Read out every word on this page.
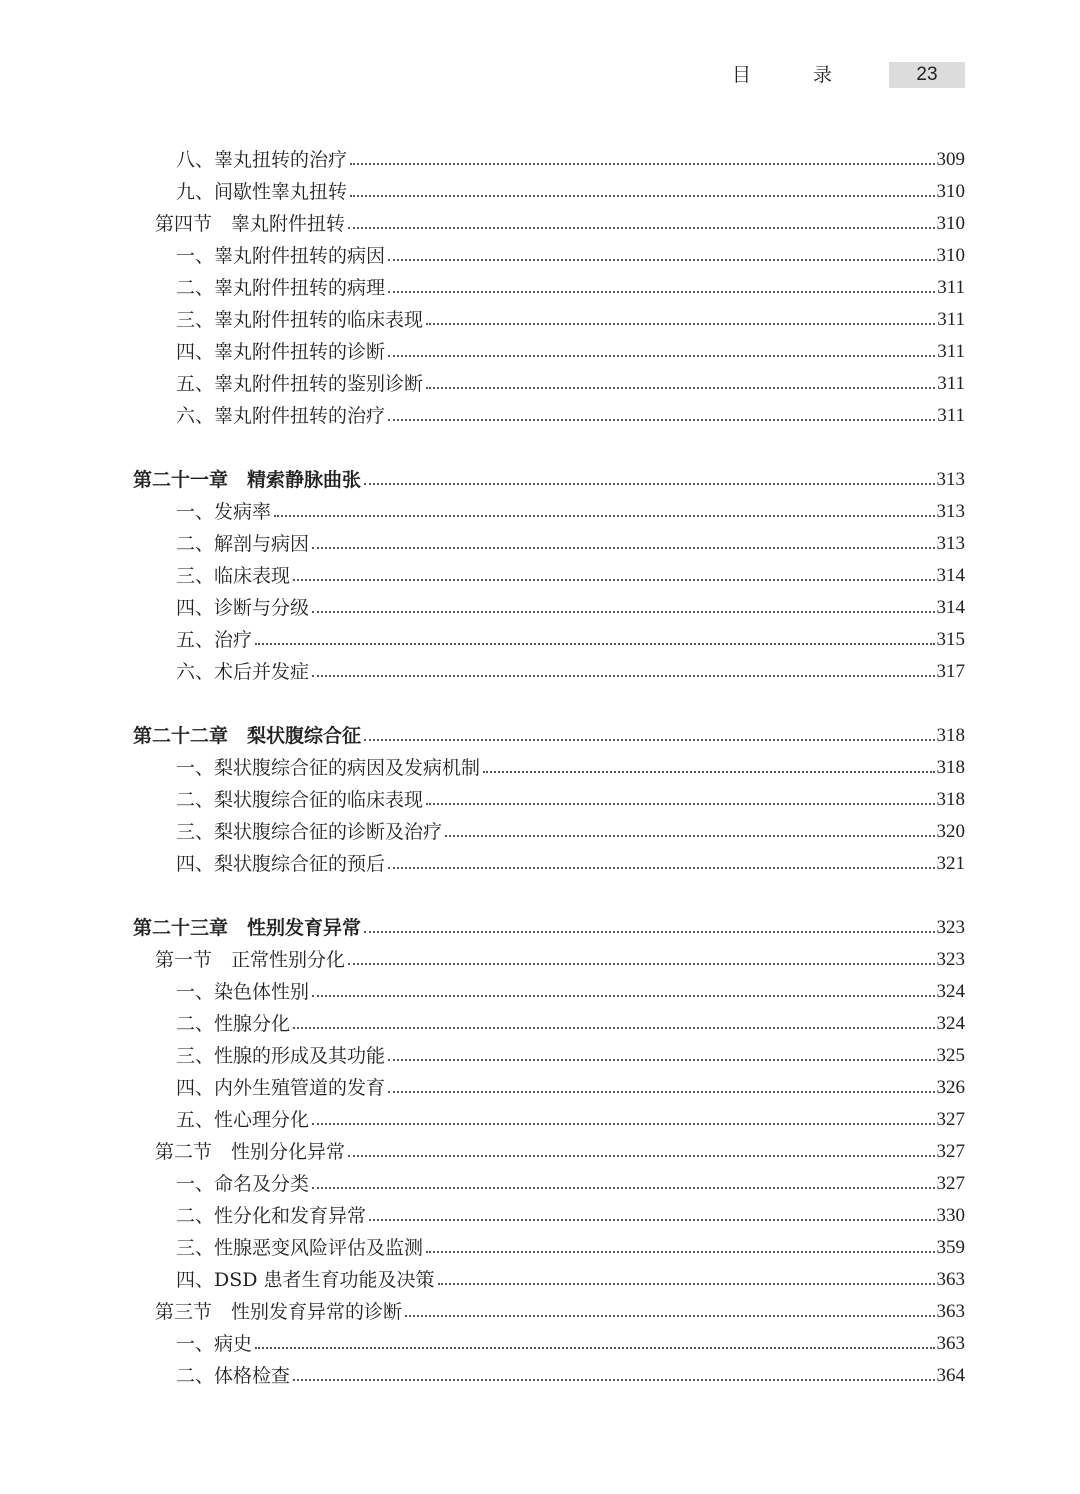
目 录	23
八、睾丸扭转的治疗	309
九、间歇性睾丸扭转	310
第四节　睾丸附件扭转	310
一、睾丸附件扭转的病因	310
二、睾丸附件扭转的病理	311
三、睾丸附件扭转的临床表现	311
四、睾丸附件扭转的诊断	311
五、睾丸附件扭转的鉴别诊断	311
六、睾丸附件扭转的治疗	311
第二十一章　精索静脉曲张	313
一、发病率	313
二、解剖与病因	313
三、临床表现	314
四、诊断与分级	314
五、治疗	315
六、术后并发症	317
第二十二章　梨状腹综合征	318
一、梨状腹综合征的病因及发病机制	318
二、梨状腹综合征的临床表现	318
三、梨状腹综合征的诊断及治疗	320
四、梨状腹综合征的预后	321
第二十三章　性别发育异常	323
第一节　正常性别分化	323
一、染色体性别	324
二、性腺分化	324
三、性腺的形成及其功能	325
四、内外生殖管道的发育	326
五、性心理分化	327
第二节　性别分化异常	327
一、命名及分类	327
二、性分化和发育异常	330
三、性腺恶变风险评估及监测	359
四、DSD 患者生育功能及决策	363
第三节　性别发育异常的诊断	363
一、病史	363
二、体格检查	364
